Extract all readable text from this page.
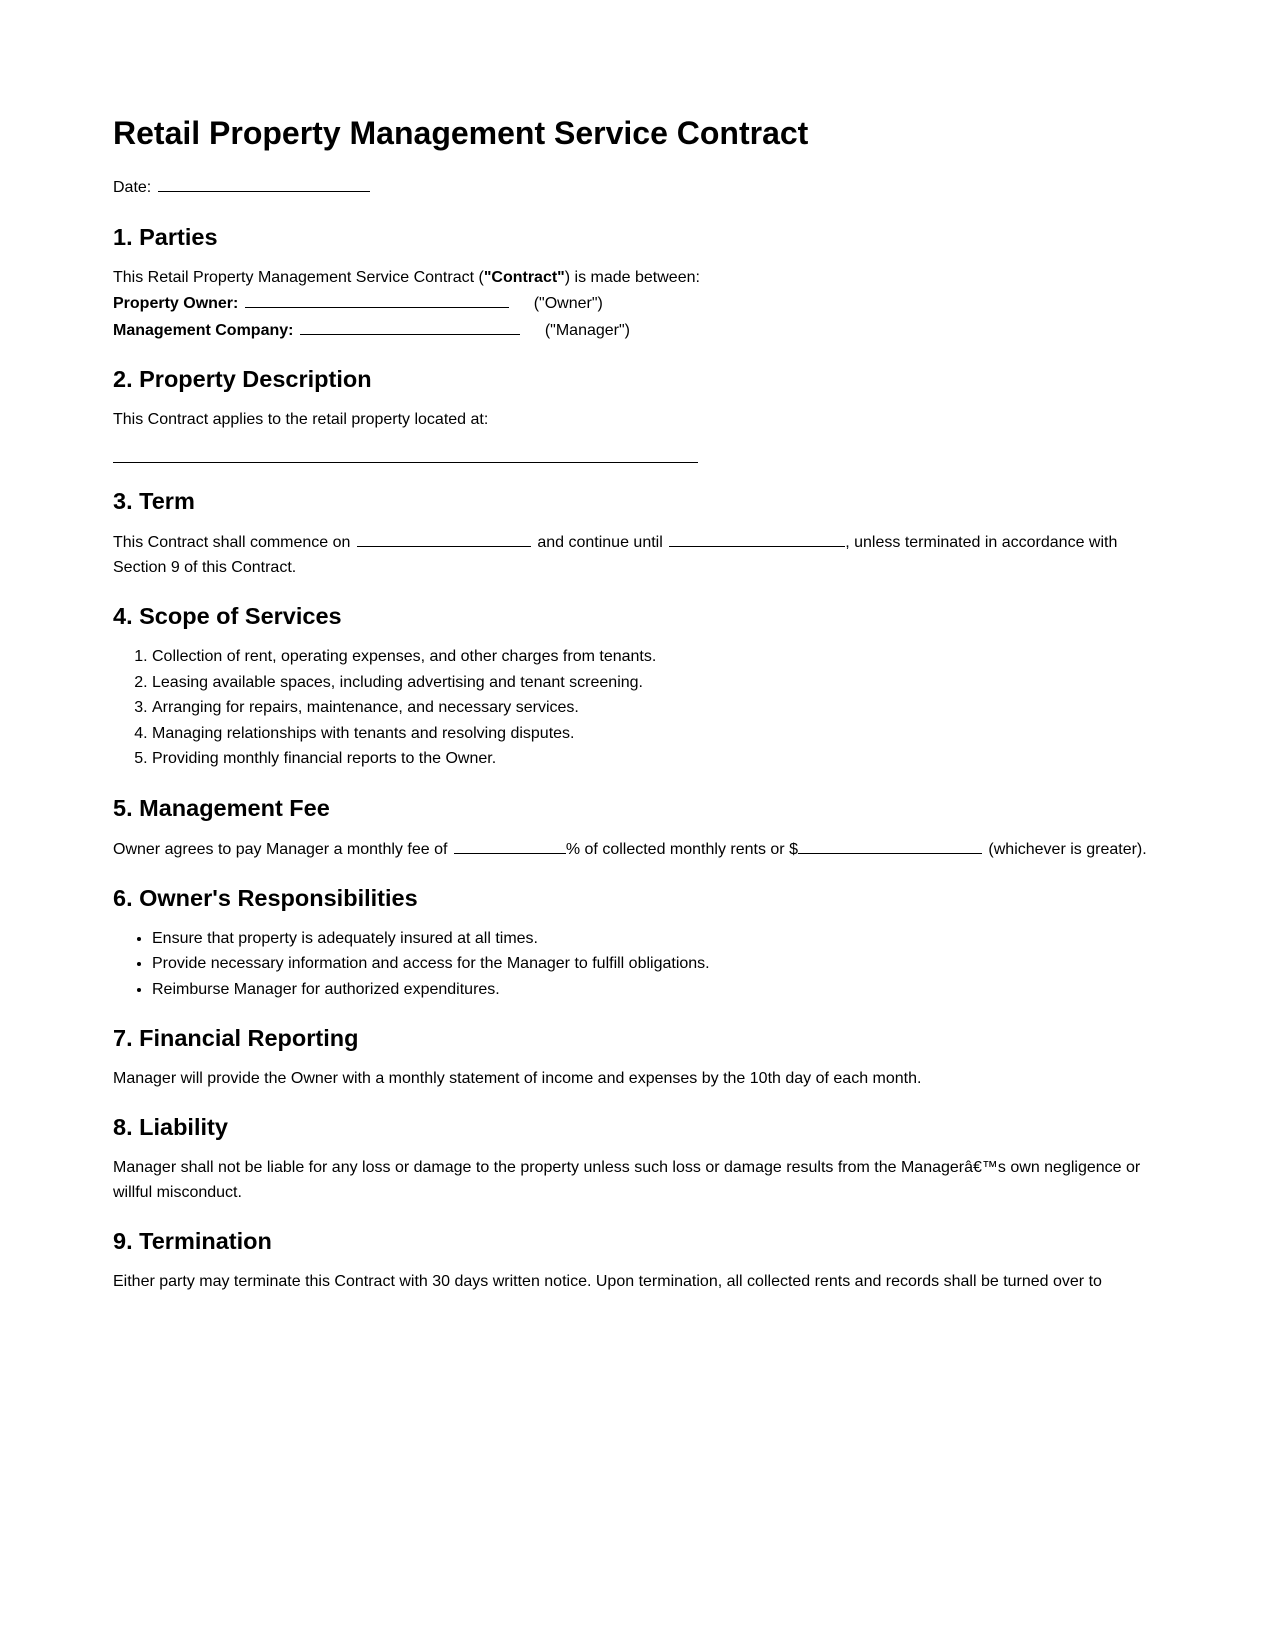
Retail Property Management Service Contract
Date:
1. Parties
This Retail Property Management Service Contract ("Contract") is made between:
Property Owner:	("Owner")
Management Company:	("Manager")
2. Property Description

This Contract applies to the retail property located at:

3. Term

This Contract shall commence on	and continue until	, unless terminated in accordance with Section 9 of this Contract.

4. Scope of Services
1. Collection of rent, operating expenses, and other charges from tenants.
2. Leasing available spaces, including advertising and tenant screening.
3. Arranging for repairs, maintenance, and necessary services.
4. Managing relationships with tenants and resolving disputes.
5. Providing monthly financial reports to the Owner.
5. Management Fee

Owner agrees to pay Manager a monthly fee of	% of collected monthly rents or $	(whichever is greater).

6. Owner's Responsibilities
• Ensure that property is adequately insured at all times.
• Provide necessary information and access for the Manager to fulfill obligations.
• Reimburse Manager for authorized expenditures.
7. Financial Reporting

Manager will provide the Owner with a monthly statement of income and expenses by the 10th day of each month.

8. Liability

Manager shall not be liable for any loss or damage to the property unless such loss or damage results from the Managerâ€™s own negligence or willful misconduct.

9. Termination

Either party may terminate this Contract with 30 days written notice. Upon termination, all collected rents and records shall be turned over to
